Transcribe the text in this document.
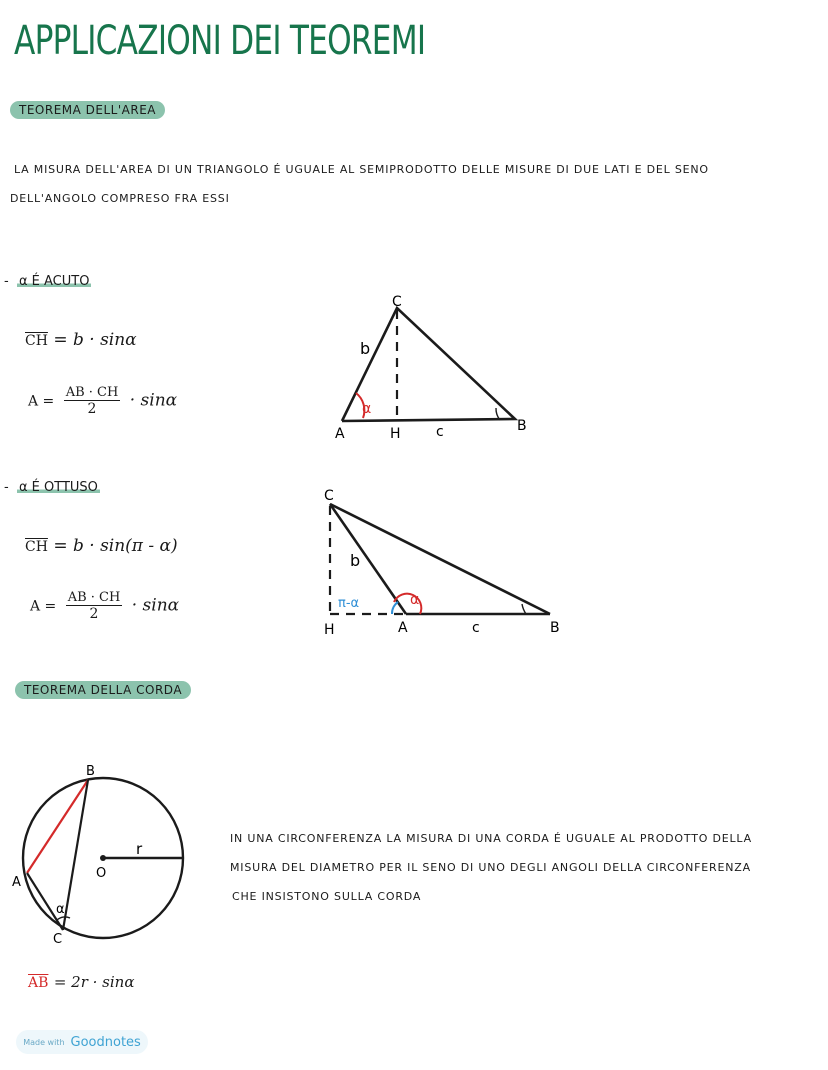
APPLICAZIONI DEI TEOREMI
TEOREMA DELL'AREA
LA MISURA DELL'AREA DI UN TRIANGOLO É UGUALE AL SEMIPRODOTTO DELLE MISURE DI DUE LATI E DEL SENO
DELL'ANGOLO COMPRESO FRA ESSI
- α É ACUTO
$\overline{CH} = b \cdot \sin\alpha$
$A = \frac{AB \cdot CH}{2} \cdot \sin\alpha$
C
b
α
A	H	c	B
- α É OTTUSO
$\overline{CH} = b \cdot \sin(\pi - \alpha)$
$A = \frac{AB \cdot CH}{2} \cdot \sin\alpha$
C
b
π-α	α
H	A	c	B
TEOREMA DELLA CORDA
B
r
O
A
α
C
IN UNA CIRCONFERENZA LA MISURA DI UNA CORDA É UGUALE AL PRODOTTO DELLA
MISURA DEL DIAMETRO PER IL SENO DI UNO DEGLI ANGOLI DELLA CIRCONFERENZA
CHE INSISTONO SULLA CORDA
$\overline{AB} = 2r \cdot \sin\alpha$
Made with Goodnotes
